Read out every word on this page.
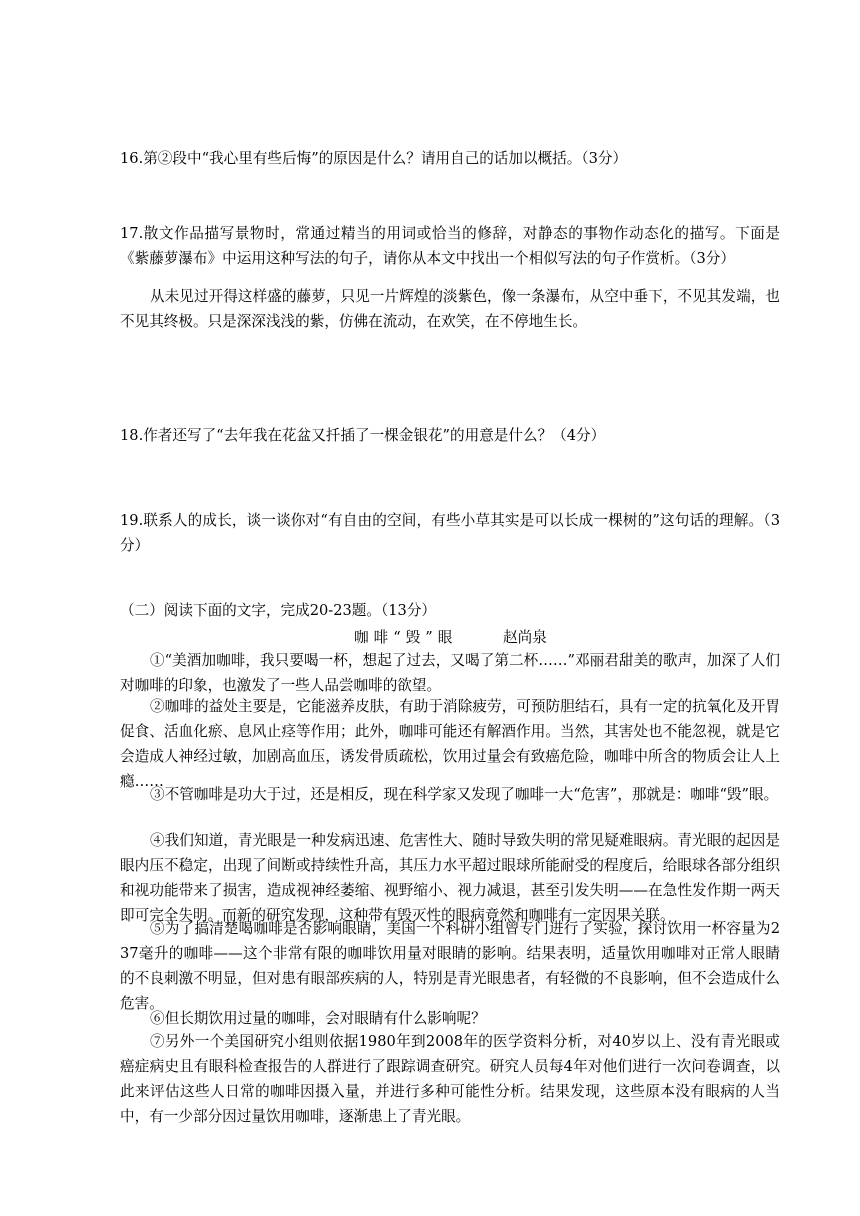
16.第②段中“我心里有些后悔”的原因是什么？请用自己的话加以概括。（3分）

17.散文作品描写景物时，常通过精当的用词或恰当的修辞，对静态的事物作动态化的描写。下面是《紫藤萝瀑布》中运用这种写法的句子，请你从本文中找出一个相似写法的句子作赏析。（3分）

从未见过开得这样盛的藤萝，只见一片辉煌的淡紫色，像一条瀑布，从空中垂下，不见其发端，也不见其终极。只是深深浅浅的紫，仿佛在流动，在欢笑，在不停地生长。

18.作者还写了“去年我在花盆又扦插了一棵金银花”的用意是什么？（4分）

19.联系人的成长，谈一谈你对“有自由的空间，有些小草其实是可以长成一棵树的”这句话的理解。（3分）

（二）阅读下面的文字，完成20-23题。（13分）

咖啡“毁”眼	赵尚泉

①“美酒加咖啡，我只要喝一杯，想起了过去，又喝了第二杯……”邓丽君甜美的歌声，加深了人们对咖啡的印象，也激发了一些人品尝咖啡的欲望。

②咖啡的益处主要是，它能滋养皮肤，有助于消除疲劳，可预防胆结石，具有一定的抗氧化及开胃促食、活血化瘀、息风止痉等作用；此外，咖啡可能还有解酒作用。当然，其害处也不能忽视，就是它会造成人神经过敏，加剧高血压，诱发骨质疏松，饮用过量会有致癌危险，咖啡中所含的物质会让人上瘾……

③不管咖啡是功大于过，还是相反，现在科学家又发现了咖啡一大“危害”，那就是：咖啡“毁”眼。

④我们知道，青光眼是一种发病迅速、危害性大、随时导致失明的常见疑难眼病。青光眼的起因是眼内压不稳定，出现了间断或持续性升高，其压力水平超过眼球所能耐受的程度后，给眼球各部分组织和视功能带来了损害，造成视神经萎缩、视野缩小、视力减退，甚至引发失明——在急性发作期一两天即可完全失明。而新的研究发现，这种带有毁灭性的眼病竟然和咖啡有一定因果关联。

⑤为了搞清楚喝咖啡是否影响眼睛，美国一个科研小组曾专门进行了实验，探讨饮用一杯容量为237毫升的咖啡——这个非常有限的咖啡饮用量对眼睛的影响。结果表明，适量饮用咖啡对正常人眼睛的不良刺激不明显，但对患有眼部疾病的人，特别是青光眼患者，有轻微的不良影响，但不会造成什么危害。

⑥但长期饮用过量的咖啡，会对眼睛有什么影响呢？

⑦另外一个美国研究小组则依据1980年到2008年的医学资料分析，对40岁以上、没有青光眼或癌症病史且有眼科检查报告的人群进行了跟踪调查研究。研究人员每4年对他们进行一次问卷调查，以此来评估这些人日常的咖啡因摄入量，并进行多种可能性分析。结果发现，这些原本没有眼病的人当中，有一少部分因过量饮用咖啡，逐渐患上了青光眼。
